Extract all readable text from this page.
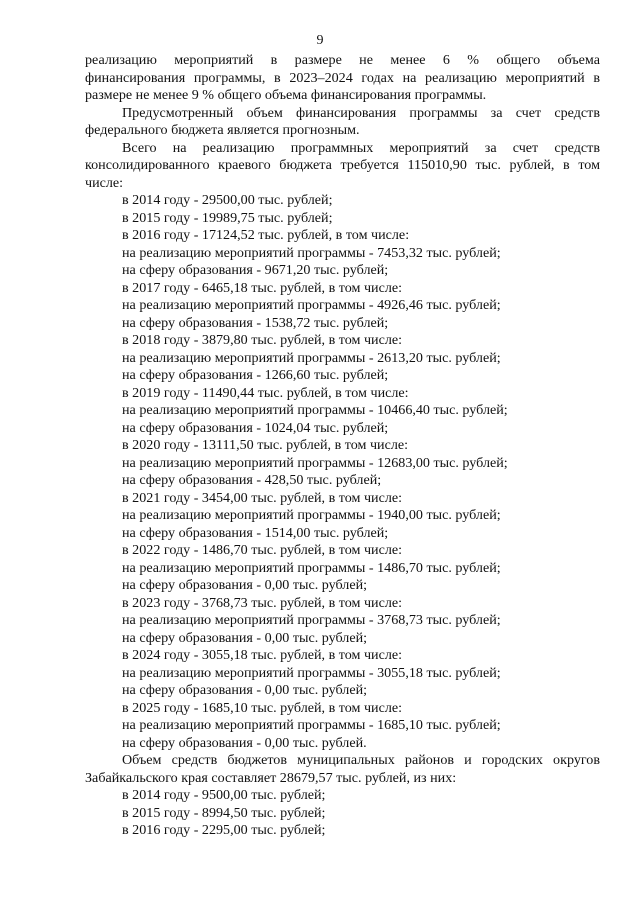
9
реализацию мероприятий в размере не менее 6 % общего объема
финансирования программы, в 2023–2024 годах на реализацию мероприятий в
размере не менее 9 % общего объема финансирования программы.
Предусмотренный объем финансирования программы за счет средств
федерального бюджета является прогнозным.
Всего на реализацию программных мероприятий за счет средств
консолидированного краевого бюджета требуется 115010,90 тыс. рублей, в том
числе:
в 2014 году - 29500,00 тыс. рублей;
в 2015 году - 19989,75 тыс. рублей;
в 2016 году - 17124,52 тыс. рублей, в том числе:
на реализацию мероприятий программы - 7453,32 тыс. рублей;
на сферу образования - 9671,20 тыс. рублей;
в 2017 году - 6465,18 тыс. рублей, в том числе:
на реализацию мероприятий программы - 4926,46 тыс. рублей;
на сферу образования - 1538,72 тыс. рублей;
в 2018 году - 3879,80 тыс. рублей, в том числе:
на реализацию мероприятий программы - 2613,20 тыс. рублей;
на сферу образования - 1266,60 тыс. рублей;
в 2019 году - 11490,44 тыс. рублей, в том числе:
на реализацию мероприятий программы - 10466,40 тыс. рублей;
на сферу образования - 1024,04 тыс. рублей;
в 2020 году - 13111,50 тыс. рублей, в том числе:
на реализацию мероприятий программы - 12683,00 тыс. рублей;
на сферу образования - 428,50 тыс. рублей;
в 2021 году - 3454,00 тыс. рублей, в том числе:
на реализацию мероприятий программы - 1940,00 тыс. рублей;
на сферу образования - 1514,00 тыс. рублей;
в 2022 году - 1486,70 тыс. рублей, в том числе:
на реализацию мероприятий программы - 1486,70 тыс. рублей;
на сферу образования - 0,00 тыс. рублей;
в 2023 году - 3768,73 тыс. рублей, в том числе:
на реализацию мероприятий программы - 3768,73 тыс. рублей;
на сферу образования - 0,00 тыс. рублей;
в 2024 году - 3055,18 тыс. рублей, в том числе:
на реализацию мероприятий программы - 3055,18 тыс. рублей;
на сферу образования - 0,00 тыс. рублей;
в 2025 году - 1685,10 тыс. рублей, в том числе:
на реализацию мероприятий программы - 1685,10 тыс. рублей;
на сферу образования - 0,00 тыс. рублей.
Объем средств бюджетов муниципальных районов и городских округов
Забайкальского края составляет 28679,57 тыс. рублей, из них:
в 2014 году - 9500,00 тыс. рублей;
в 2015 году - 8994,50 тыс. рублей;
в 2016 году - 2295,00 тыс. рублей;
